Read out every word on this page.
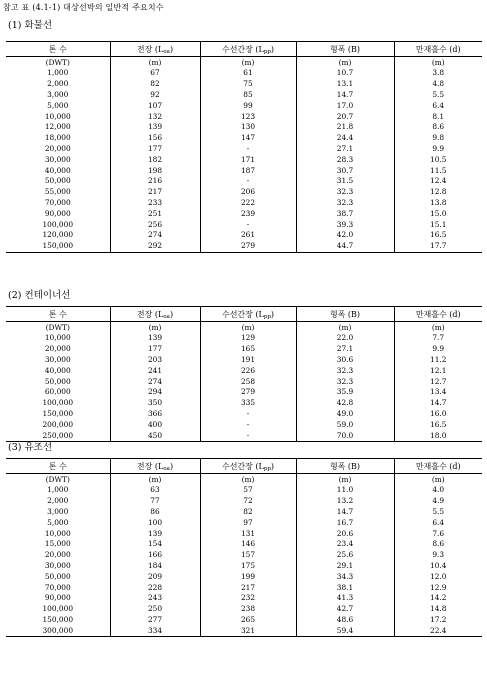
참고 표 (4.1-1) 대상선박의 일반적 주요치수
(1) 화물선
톤 수	전장 $(L_{oa})$	수선간장 $(L_{pp})$	형폭 (B)	만재흘수 (d)
(DWT)	(m)	(m)	(m)	(m)
1,000	67	61	10.7	3.8
2,000	82	75	13.1	4.8
3,000	92	85	14.7	5.5
5,000	107	99	17.0	6.4
10,000	132	123	20.7	8.1
12,000	139	130	21.8	8.6
18,000	156	147	24.4	9.8
20,000	177	-	27.1	9.9
30,000	182	171	28.3	10.5
40,000	198	187	30.7	11.5
50,000	216	-	31.5	12.4
55,000	217	206	32.3	12.8
70,000	233	222	32.3	13.8
90,000	251	239	38.7	15.0
100,000	256	-	39.3	15.1
120,000	274	261	42.0	16.5
150,000	292	279	44.7	17.7
(2) 컨테이너선
톤 수	전장 $(L_{oa})$	수선간장 $(L_{pp})$	형폭 (B)	만재흘수 (d)
(DWT)	(m)	(m)	(m)	(m)
10,000	139	129	22.0	7.7
20,000	177	165	27.1	9.9
30,000	203	191	30.6	11.2
40,000	241	226	32.3	12.1
50,000	274	258	32.3	12.7
60,000	294	279	35.9	13.4
100,000	350	335	42.8	14.7
150,000	366	-	49.0	16.0
200,000	400	-	59.0	16.5
250,000	450	-	70.0	18.0
(3) 유조선
톤 수	전장 $(L_{oa})$	수선간장 $(L_{pp})$	형폭 (B)	만재흘수 (d)
(DWT)	(m)	(m)	(m)	(m)
1,000	63	57	11.0	4.0
2,000	77	72	13.2	4.9
3,000	86	82	14.7	5.5
5,000	100	97	16.7	6.4
10,000	139	131	20.6	7.6
15,000	154	146	23.4	8.6
20,000	166	157	25.6	9.3
30,000	184	175	29.1	10.4
50,000	209	199	34.3	12.0
70,000	228	217	38.1	12.9
90,000	243	232	41.3	14.2
100,000	250	238	42.7	14.8
150,000	277	265	48.6	17.2
300,000	334	321	59.4	22.4
